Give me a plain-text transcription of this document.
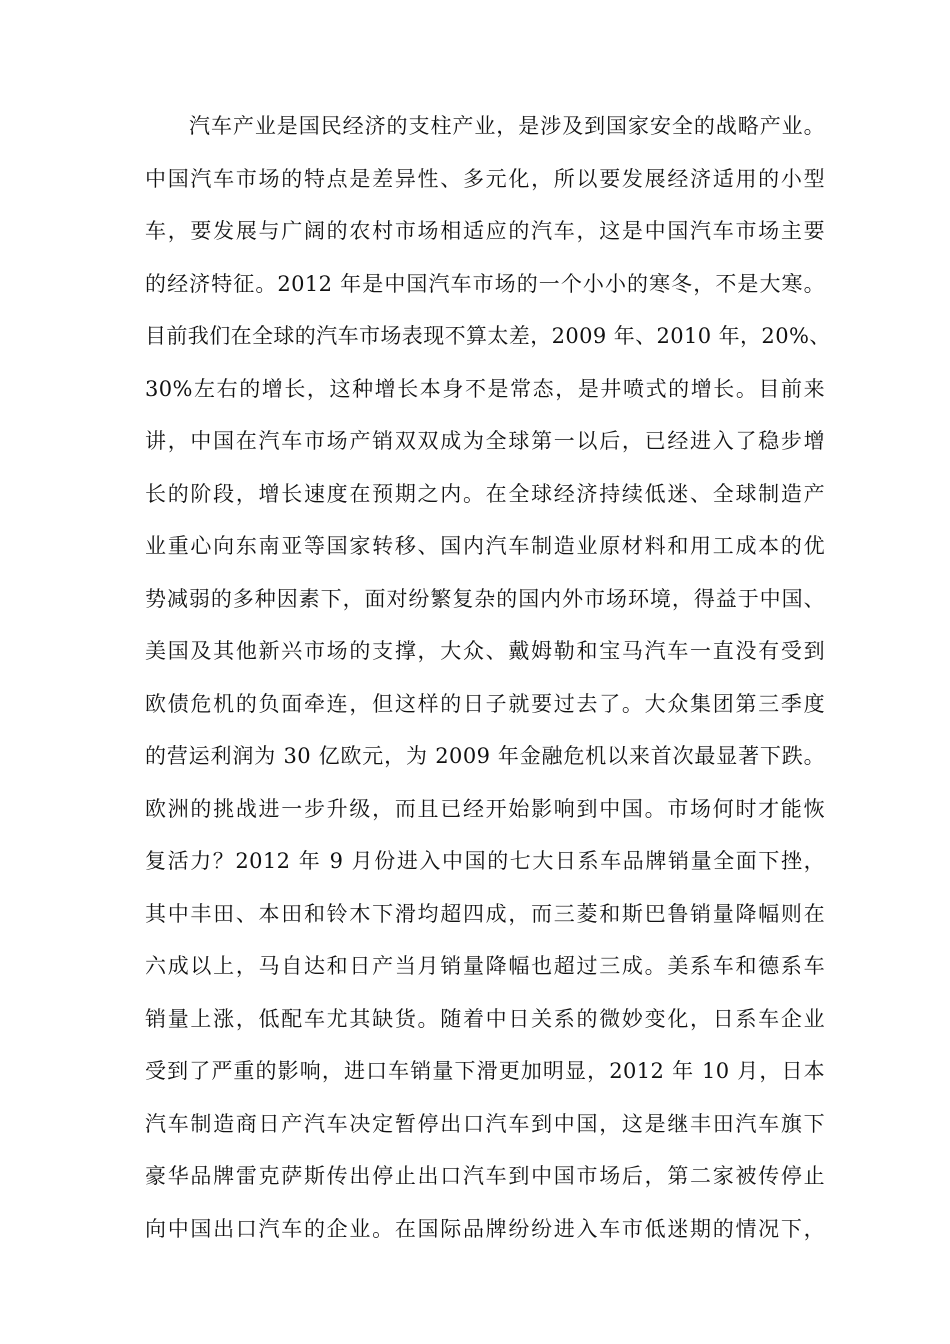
汽车产业是国民经济的支柱产业，是涉及到国家安全的战略产业。
中国汽车市场的特点是差异性、多元化，所以要发展经济适用的小型
车，要发展与广阔的农村市场相适应的汽车，这是中国汽车市场主要
的经济特征。2012 年是中国汽车市场的一个小小的寒冬，不是大寒。
目前我们在全球的汽车市场表现不算太差，2009 年、2010 年，20%、
30%左右的增长，这种增长本身不是常态，是井喷式的增长。目前来
讲，中国在汽车市场产销双双成为全球第一以后，已经进入了稳步增
长的阶段，增长速度在预期之内。在全球经济持续低迷、全球制造产
业重心向东南亚等国家转移、国内汽车制造业原材料和用工成本的优
势减弱的多种因素下，面对纷繁复杂的国内外市场环境，得益于中国、
美国及其他新兴市场的支撑，大众、戴姆勒和宝马汽车一直没有受到
欧债危机的负面牵连，但这样的日子就要过去了。大众集团第三季度
的营运利润为 30 亿欧元，为 2009 年金融危机以来首次最显著下跌。
欧洲的挑战进一步升级，而且已经开始影响到中国。市场何时才能恢
复活力？2012 年 9 月份进入中国的七大日系车品牌销量全面下挫，
其中丰田、本田和铃木下滑均超四成，而三菱和斯巴鲁销量降幅则在
六成以上，马自达和日产当月销量降幅也超过三成。美系车和德系车
销量上涨，低配车尤其缺货。随着中日关系的微妙变化，日系车企业
受到了严重的影响，进口车销量下滑更加明显，2012 年 10 月，日本
汽车制造商日产汽车决定暂停出口汽车到中国，这是继丰田汽车旗下
豪华品牌雷克萨斯传出停止出口汽车到中国市场后，第二家被传停止
向中国出口汽车的企业。在国际品牌纷纷进入车市低迷期的情况下，
